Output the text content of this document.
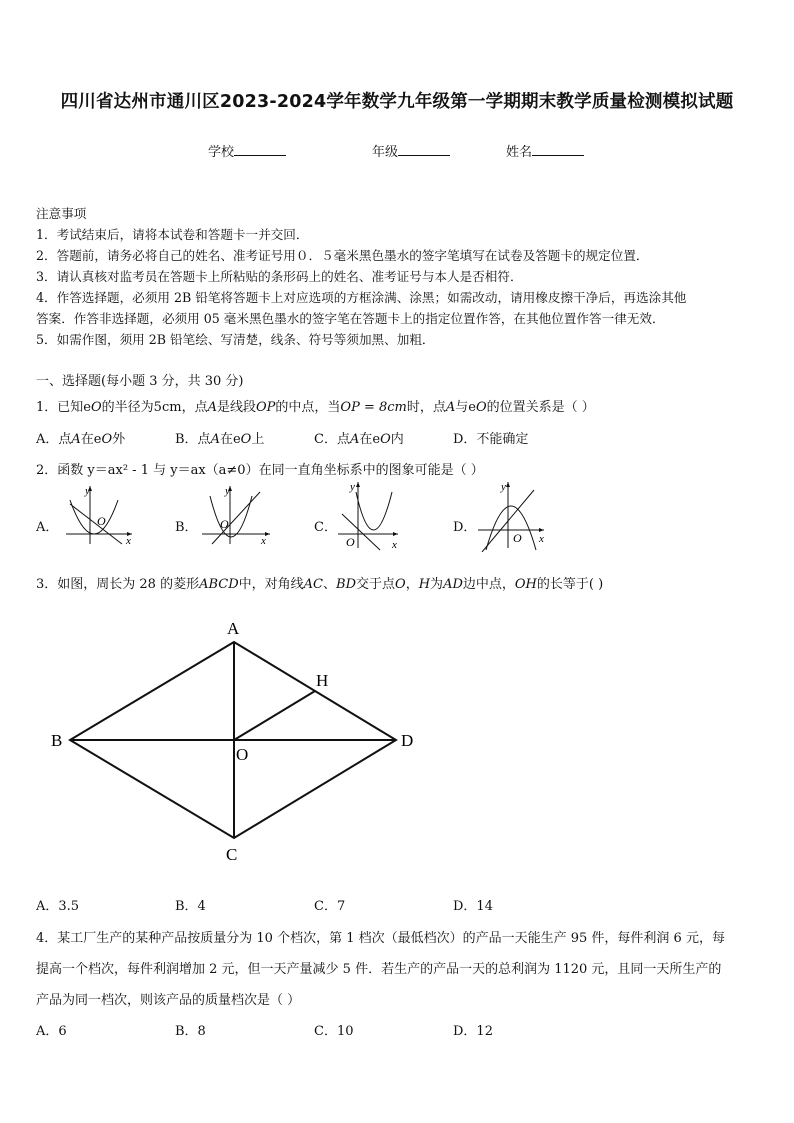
四川省达州市通川区2023-2024学年数学九年级第一学期期末教学质量检测模拟试题
学校	年级	姓名
注意事项
1．考试结束后，请将本试卷和答题卡一并交回．
2．答题前，请务必将自己的姓名、准考证号用０．５毫米黑色墨水的签字笔填写在试卷及答题卡的规定位置．
3．请认真核对监考员在答题卡上所粘贴的条形码上的姓名、准考证号与本人是否相符．
4．作答选择题，必须用 2B 铅笔将答题卡上对应选项的方框涂满、涂黑；如需改动，请用橡皮擦干净后，再选涂其他
答案．作答非选择题，必须用 05 毫米黑色墨水的签字笔在答题卡上的指定位置作答，在其他位置作答一律无效．
5．如需作图，须用 2B 铅笔绘、写清楚，线条、符号等须加黑、加粗．
一、选择题(每小题 3 分，共 30 分)
1．已知eO的半径为5cm，点A是线段OP的中点，当OP = 8cm时，点A与eO的位置关系是（ ）
A．点A在eO外	B．点A在eO上	C．点A在eO内	D．不能确定
2．函数 y＝ax² - 1 与 y＝ax（a≠0）在同一直角坐标系中的图象可能是（ ）
A．
y
x
O	B．
y
x
O	C．
y
x
O
D．
y
x
O
3．如图，周长为 28 的菱形ABCD中，对角线AC、BD交于点O，H为AD边中点，OH的长等于( )
A
B
C
D
H
O
A．3.5	B．4	C．7	D．14
4．某工厂生产的某种产品按质量分为 10 个档次，第 1 档次（最低档次）的产品一天能生产 95 件，每件利润 6 元，每
提高一个档次，每件利润增加 2 元，但一天产量减少 5 件．若生产的产品一天的总利润为 1120 元，且同一天所生产的
产品为同一档次，则该产品的质量档次是（ ）
A．6	B．8	C．10	D．12
